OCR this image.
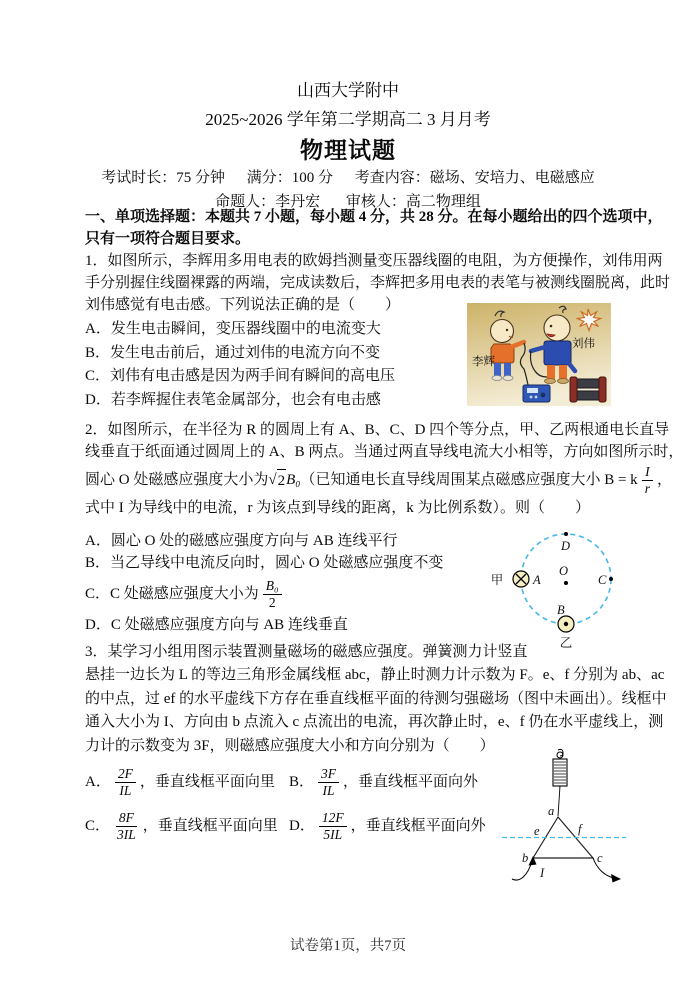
山西大学附中
2025~2026 学年第二学期高二 3 月月考
物理试题
考试时长：75 分钟 满分：100 分 考查内容：磁场、安培力、电磁感应
命题人：李丹宏 审核人：高二物理组
一、单项选择题：本题共 7 小题，每小题 4 分，共 28 分。在每小题给出的四个选项中，
只有一项符合题目要求。
1．如图所示，李辉用多用电表的欧姆挡测量变压器线圈的电阻，为方便操作，刘伟用两
手分别握住线圈裸露的两端，完成读数后，李辉把多用电表的表笔与被测线圈脱离，此时
刘伟感觉有电击感。下列说法正确的是（　　）
A．发生电击瞬间，变压器线圈中的电流变大
B．发生电击前后，通过刘伟的电流方向不变
C．刘伟有电击感是因为两手间有瞬间的高电压
D．若李辉握住表笔金属部分，也会有电击感
李辉
刘伟
2．如图所示，在半径为 R 的圆周上有 A、B、C、D 四个等分点，甲、乙两根通电长直导
线垂直于纸面通过圆周上的 A、B 两点。当通过两直导线电流大小相等，方向如图所示时，
圆心 O 处磁感应强度大小为 √ 2 B₀ （已知通电长直导线周围某点磁感应强度大小 B = k $\frac{I}{r}$ ，
式中 I 为导线中的电流，r 为该点到导线的距离，k 为比例系数）。则（　　）
A．圆心 O 处的磁感应强度方向与 AB 连线平行
B．当乙导线中电流反向时，圆心 O 处磁感应强度不变
C．C 处磁感应强度大小为 $\frac{\text{B₀}}{2}$
D．C 处磁感应强度方向与 AB 连线垂直
D
O
C
A
甲
B
乙
3．某学习小组用图示装置测量磁场的磁感应强度。弹簧测力计竖直
悬挂一边长为 L 的等边三角形金属线框 abc，静止时测力计示数为 F。e、f 分别为 ab、ac
的中点，过 ef 的水平虚线下方存在垂直线框平面的待测匀强磁场（图中未画出）。线框中
通入大小为 I、方向由 b 点流入 c 点流出的电流，再次静止时，e、f 仍在水平虚线上，测
力计的示数变为 3F，则磁感应强度大小和方向分别为（　　）
A． $\frac{2F}{IL}$ ，垂直线框平面向里 B． $\frac{3F}{IL}$ ，垂直线框平面向外
C． $\frac{8F}{3IL}$ ，垂直线框平面向里 D． $\frac{12F}{5IL}$ ，垂直线框平面向外
a
b	c
e	f
I
试卷第1页，共7页
